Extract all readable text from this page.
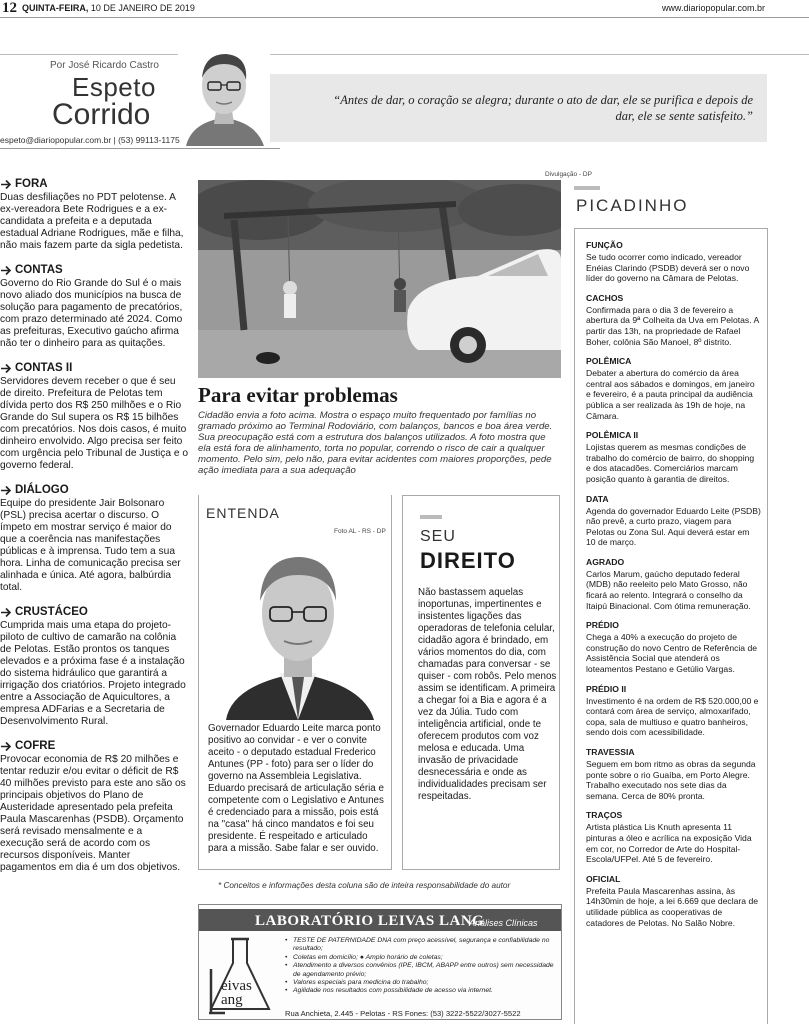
12 QUINTA-FEIRA, 10 DE JANEIRO DE 2019	www.diariopopular.com.br
Por José Ricardo Castro
Espeto
Corrido	“Antes de dar, o coração se alegra; durante o ato de dar, ele se purifica e depois de dar, ele se sente satisfeito.”

espeto@diariopopular.com.br | (53) 99113-1175
FORA

Duas desfiliações no PDT pelotense. A ex-vereadora Bete Rodrigues e a ex-candidata a prefeita e a deputada estadual Adriane Rodrigues, mãe e filha, não mais fazem parte da sigla pedetista.

CONTAS

Governo do Rio Grande do Sul é o mais novo aliado dos municípios na busca de solução para pagamento de precatórios, com prazo determinado até 2024. Como as prefeituras, Executivo gaúcho afirma não ter o dinheiro para as quitações.

CONTAS II

Servidores devem receber o que é seu de direito. Prefeitura de Pelotas tem dívida perto dos R$ 250 milhões e o Rio Grande do Sul supera os R$ 15 bilhões com precatórios. Nos dois casos, é muito dinheiro envolvido. Algo precisa ser feito com urgência pelo Tribunal de Justiça e o governo federal.

DIÁLOGO

Equipe do presidente Jair Bolsonaro (PSL) precisa acertar o discurso. O ímpeto em mostrar serviço é maior do que a coerência nas manifestações públicas e à imprensa. Tudo tem a sua hora. Linha de comunicação precisa ser alinhada e única. Até agora, balbúrdia total.

CRUSTÁCEO

Cumprida mais uma etapa do projeto-piloto de cultivo de camarão na colônia de Pelotas. Estão prontos os tanques elevados e a próxima fase é a instalação do sistema hidráulico que garantirá a irrigação dos criatórios. Projeto integrado entre a Associação de Aquicultores, a empresa ADFarias e a Secretaria de Desenvolvimento Rural.

COFRE

Provocar economia de R$ 20 milhões e tentar reduzir e/ou evitar o déficit de R$ 40 milhões previsto para este ano são os principais objetivos do Plano de Austeridade apresentado pela prefeita Paula Mascarenhas (PSDB). Orçamento será revisado mensalmente e a execução será de acordo com os recursos disponíveis. Manter pagamentos em dia é um dos objetivos.

Divulgação - DP
Para evitar problemas

Cidadão envia a foto acima. Mostra o espaço muito frequentado por famílias no gramado próximo ao Terminal Rodoviário, com balanços, bancos e boa área verde. Sua preocupação está com a estrutura dos balanços utilizados. A foto mostra que ela está fora de alinhamento, torta no popular, correndo o risco de cair a qualquer momento. Pelo sim, pelo não, para evitar acidentes com maiores proporções, pede ação imediata para a sua adequação

ENTENDA
Foto AL - RS - DP

Governador Eduardo Leite marca ponto positivo ao convidar - e ver o convite aceito - o deputado estadual Frederico Antunes (PP - foto) para ser o líder do governo na Assembleia Legislativa. Eduardo precisará de articulação séria e competente com o Legislativo e Antunes é credenciado para a missão, pois está na "casa" há cinco mandatos e foi seu presidente. É respeitado e articulado para a missão. Sabe falar e ser ouvido.

SEU
DIREITO

Não bastassem aquelas inoportunas, impertinentes e insistentes ligações das operadoras de telefonia celular, cidadão agora é brindado, em vários momentos do dia, com chamadas para conversar - se quiser - com robôs. Pelo menos assim se identificam. A primeira a chegar foi a Bia e agora é a vez da Júlia. Tudo com inteligência artificial, onde te oferecem produtos com voz melosa e educada. Uma invasão de privacidade desnecessária e onde as individualidades precisam ser respeitadas.

* Conceitos e informações desta coluna são de inteira responsabilidade do autor
LABORATÓRIO LEIVAS LANG
Análises Clínicas
eivas
ang
• TESTE DE PATERNIDADE DNA com preço acessível, segurança e confiabilidade no resultado;
• Coletas em domicílio; ● Amplo horário de coletas;
• Atendimento a diversos convênios (IPE, IBCM, ABAPP entre outros) sem necessidade de agendamento prévio;
• Valores especiais para medicina do trabalho;
• Agilidade nos resultados com possibilidade de acesso via internet.
Rua Anchieta, 2.445 - Pelotas - RS Fones: (53) 3222-5522/3027-5522
PICADINHO
FUNÇÃO

Se tudo ocorrer como indicado, vereador Enéias Clarindo (PSDB) deverá ser o novo líder do governo na Câmara de Pelotas.

CACHOS

Confirmada para o dia 3 de fevereiro a abertura da 9ª Colheita da Uva em Pelotas. A partir das 13h, na propriedade de Rafael Boher, colônia São Manoel, 8º distrito.

POLÊMICA

Debater a abertura do comércio da área central aos sábados e domingos, em janeiro e fevereiro, é a pauta principal da audiência pública a ser realizada às 19h de hoje, na Câmara.

POLÊMICA II

Lojistas querem as mesmas condições de trabalho do comércio de bairro, do shopping e dos atacadões. Comerciários marcam posição quanto à garantia de direitos.

DATA

Agenda do governador Eduardo Leite (PSDB) não prevê, a curto prazo, viagem para Pelotas ou Zona Sul. Aqui deverá estar em 10 de março.

AGRADO

Carlos Marum, gaúcho deputado federal (MDB) não reeleito pelo Mato Grosso, não ficará ao relento. Integrará o conselho da Itaipú Binacional. Com ótima remuneração.

PRÉDIO

Chega a 40% a execução do projeto de construção do novo Centro de Referência de Assistência Social que atenderá os loteamentos Pestano e Getúlio Vargas.

PRÉDIO II

Investimento é na ordem de R$ 520.000,00 e contará com área de serviço, almoxarifado, copa, sala de multiuso e quatro banheiros, sendo dois com acessibilidade.

TRAVESSIA

Seguem em bom ritmo as obras da segunda ponte sobre o rio Guaíba, em Porto Alegre. Trabalho executado nos sete dias da semana. Cerca de 80% pronta.

TRAÇOS

Artista plástica Lis Knuth apresenta 11 pinturas a óleo e acrílica na exposição Vida em cor, no Corredor de Arte do Hospital-Escola/UFPel. Até 5 de fevereiro.

OFICIAL

Prefeita Paula Mascarenhas assina, às 14h30min de hoje, a lei 6.669 que declara de utilidade pública as cooperativas de catadores de Pelotas. No Salão Nobre.
